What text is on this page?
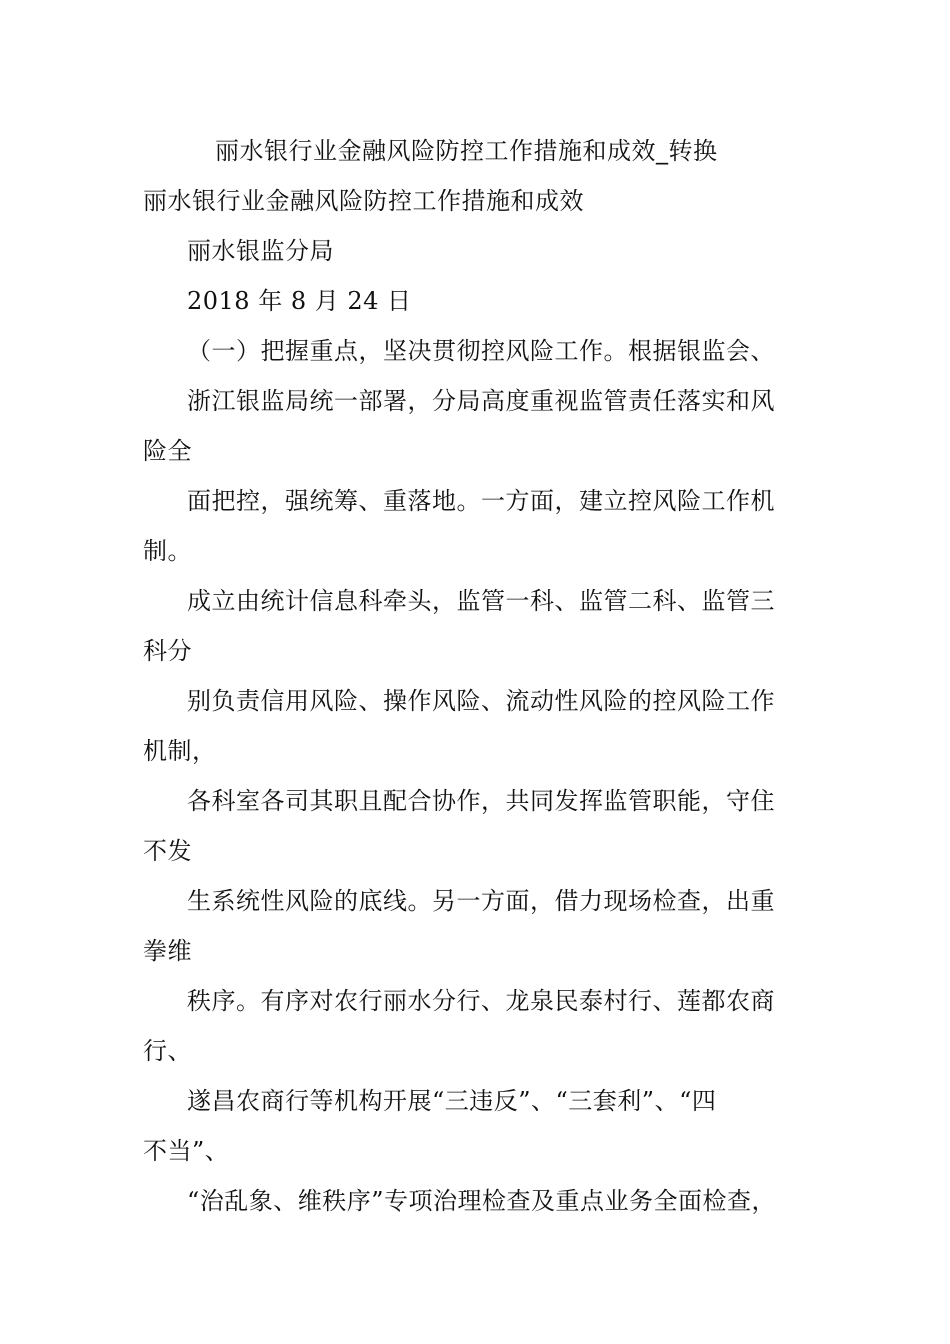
丽水银行业金融风险防控工作措施和成效_转换
丽水银行业金融风险防控工作措施和成效
丽水银监分局
2018 年 8 月 24 日
（一）把握重点，坚决贯彻控风险工作。根据银监会、
浙江银监局统一部署，分局高度重视监管责任落实和风
险全
面把控，强统筹、重落地。一方面，建立控风险工作机
制。
成立由统计信息科牵头，监管一科、监管二科、监管三
科分
别负责信用风险、操作风险、流动性风险的控风险工作
机制，
各科室各司其职且配合协作，共同发挥监管职能，守住
不发
生系统性风险的底线。另一方面，借力现场检查，出重
拳维
秩序。有序对农行丽水分行、龙泉民泰村行、莲都农商
行、
遂昌农商行等机构开展“三违反”、“三套利”、“四
不当”、
“治乱象、维秩序”专项治理检查及重点业务全面检查，
